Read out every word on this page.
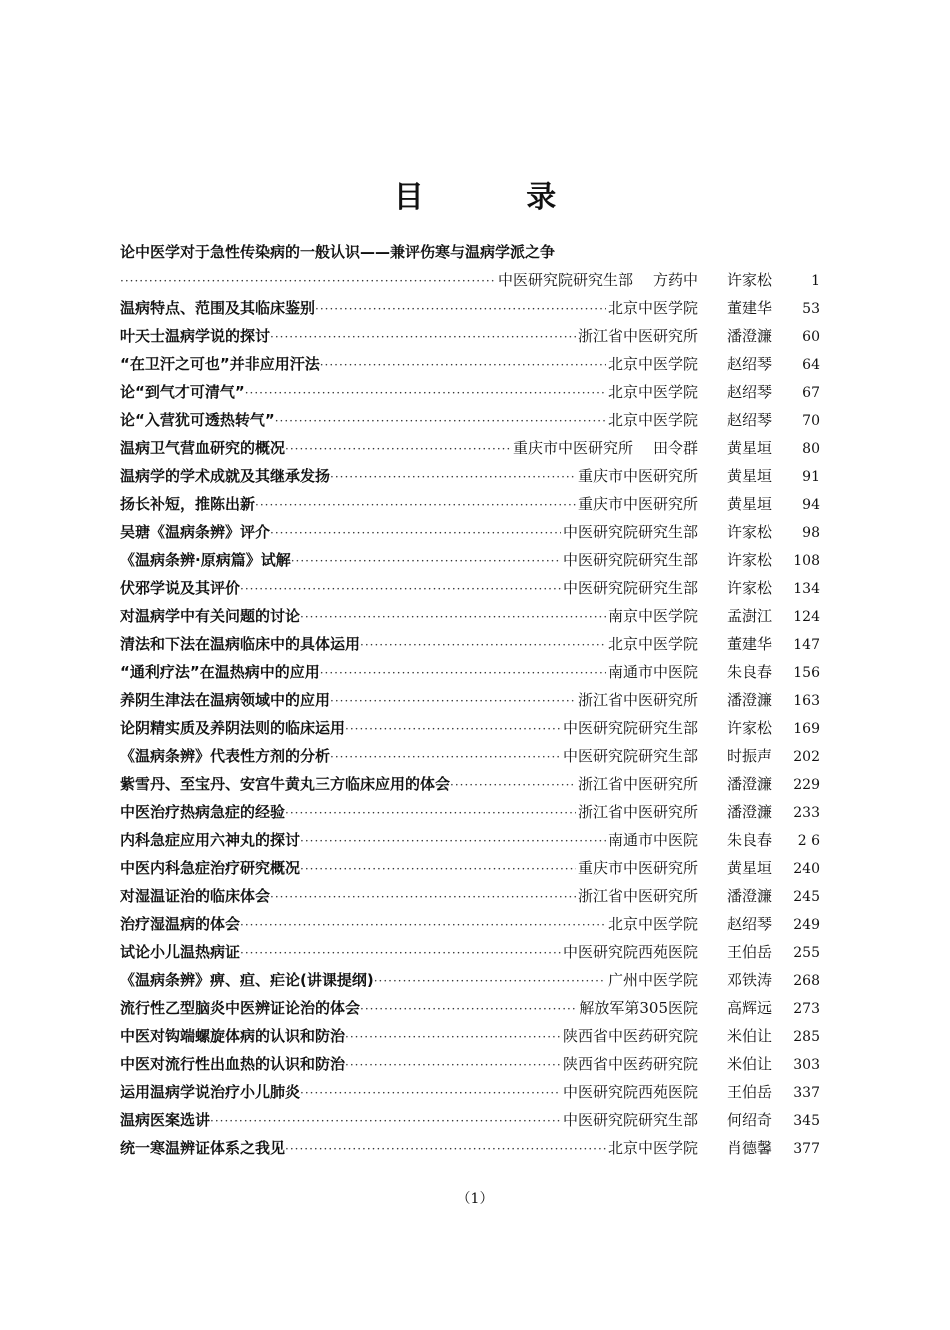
目 录
论中医学对于急性传染病的一般认识——兼评伤寒与温病学派之争
·····
中医研究院研究生部 方药中	许家松	1
温病特点、范围及其临床鉴别 ·····	北京中医学院	董建华	53
叶天士温病学说的探讨 ·····	浙江省中医研究所	潘澄濂	60
“在卫汗之可也”并非应用汗法 ·····	北京中医学院	赵绍琴	64
论“到气才可清气” ·····	北京中医学院	赵绍琴	67
论“入营犹可透热转气” ·····	北京中医学院	赵绍琴	70
温病卫气营血研究的概况 ·····	重庆市中医研究所 田令群	黄星垣	80
温病学的学术成就及其继承发扬 ·····	重庆市中医研究所	黄星垣	91
扬长补短，推陈出新 ·····	重庆市中医研究所	黄星垣	94
吴瑭《温病条辨》评介 ·····	中医研究院研究生部	许家松	98
《温病条辨·原病篇》试解 ·····	中医研究院研究生部	许家松	108
伏邪学说及其评价 ·····	中医研究院研究生部	许家松	134
对温病学中有关问题的讨论 ·····	南京中医学院	孟澍江	124
清法和下法在温病临床中的具体运用 ·····	北京中医学院	董建华	147
“通利疗法”在温热病中的应用 ·····	南通市中医院	朱良春	156
养阴生津法在温病领域中的应用 ·····	浙江省中医研究所	潘澄濂	163
论阴精实质及养阴法则的临床运用 ·····	中医研究院研究生部	许家松	169
《温病条辨》代表性方剂的分析 ·····	中医研究院研究生部	时振声	202
紫雪丹、至宝丹、安宫牛黄丸三方临床应用的体会 ·····	浙江省中医研究所	潘澄濂	229
中医治疗热病急症的经验 ·····	浙江省中医研究所	潘澄濂	233
内科急症应用六神丸的探讨 ·····	南通市中医院	朱良春	2 6
中医内科急症治疗研究概况 ·····	重庆市中医研究所	黄星垣	240
对湿温证治的临床体会 ·····	浙江省中医研究所	潘澄濂	245
治疗湿温病的体会 ·····	北京中医学院	赵绍琴	249
试论小儿温热病证 ·····	中医研究院西苑医院	王伯岳	255
《温病条辨》痹、疸、疟论(讲课提纲) ·····	广州中医学院	邓铁涛	268
流行性乙型脑炎中医辨证论治的体会 ·····	解放军第305医院	高辉远	273
中医对钩端螺旋体病的认识和防治 ·····	陕西省中医药研究院	米伯让	285
中医对流行性出血热的认识和防治 ·····	陕西省中医药研究院	米伯让	303
运用温病学说治疗小儿肺炎 ·····	中医研究院西苑医院	王伯岳	337
温病医案选讲 ·····	中医研究院研究生部	何绍奇	345
统一寒温辨证体系之我见 ·····	北京中医学院	肖德馨	377
（1）
